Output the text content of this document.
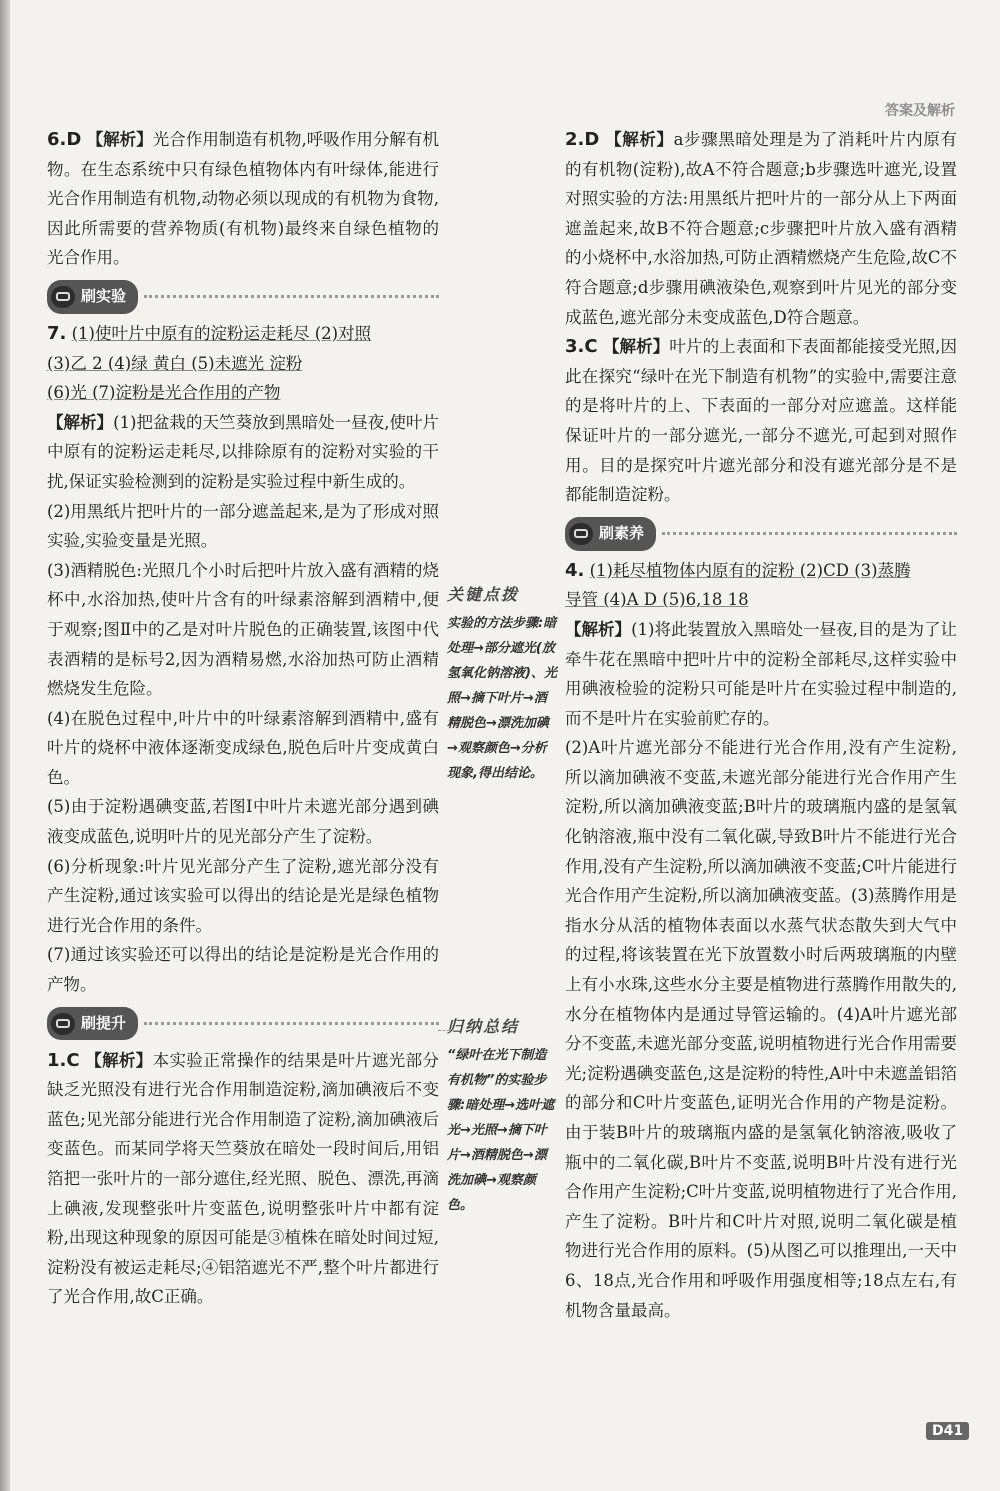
答案及解析

6.D 【解析】光合作用制造有机物,呼吸作用分解有机物。在生态系统中只有绿色植物体内有叶绿体,能进行光合作用制造有机物,动物必须以现成的有机物为食物,因此所需要的营养物质(有机物)最终来自绿色植物的光合作用。

刷实验

7. (1)使叶片中原有的淀粉运走耗尽 (2)对照
(3)乙 2 (4)绿 黄白 (5)未遮光 淀粉
(6)光 (7)淀粉是光合作用的产物

【解析】(1)把盆栽的天竺葵放到黑暗处一昼夜,使叶片中原有的淀粉运走耗尽,以排除原有的淀粉对实验的干扰,保证实验检测到的淀粉是实验过程中新生成的。

(2)用黑纸片把叶片的一部分遮盖起来,是为了形成对照实验,实验变量是光照。

(3)酒精脱色:光照几个小时后把叶片放入盛有酒精的烧杯中,水浴加热,使叶片含有的叶绿素溶解到酒精中,便于观察;图Ⅱ中的乙是对叶片脱色的正确装置,该图中代表酒精的是标号2,因为酒精易燃,水浴加热可防止酒精燃烧发生危险。

(4)在脱色过程中,叶片中的叶绿素溶解到酒精中,盛有叶片的烧杯中液体逐渐变成绿色,脱色后叶片变成黄白色。

(5)由于淀粉遇碘变蓝,若图Ⅰ中叶片未遮光部分遇到碘液变成蓝色,说明叶片的见光部分产生了淀粉。

(6)分析现象:叶片见光部分产生了淀粉,遮光部分没有产生淀粉,通过该实验可以得出的结论是光是绿色植物进行光合作用的条件。

(7)通过该实验还可以得出的结论是淀粉是光合作用的产物。

刷提升

1.C 【解析】本实验正常操作的结果是叶片遮光部分缺乏光照没有进行光合作用制造淀粉,滴加碘液后不变蓝色;见光部分能进行光合作用制造了淀粉,滴加碘液后变蓝色。而某同学将天竺葵放在暗处一段时间后,用铝箔把一张叶片的一部分遮住,经光照、脱色、漂洗,再滴上碘液,发现整张叶片变蓝色,说明整张叶片中都有淀粉,出现这种现象的原因可能是③植株在暗处时间过短,淀粉没有被运走耗尽;④铝箔遮光不严,整个叶片都进行了光合作用,故C正确。

关键点拨
实验的方法步骤:暗处理→部分遮光(放氢氧化钠溶液)、光照→摘下叶片→酒精脱色→漂洗加碘→观察颜色→分析现象,得出结论。
归纳总结
“绿叶在光下制造有机物”的实验步骤:暗处理→选叶遮光→光照→摘下叶片→酒精脱色→漂洗加碘→观察颜色。

2.D 【解析】a步骤黑暗处理是为了消耗叶片内原有的有机物(淀粉),故A不符合题意;b步骤选叶遮光,设置对照实验的方法:用黑纸片把叶片的一部分从上下两面遮盖起来,故B不符合题意;c步骤把叶片放入盛有酒精的小烧杯中,水浴加热,可防止酒精燃烧产生危险,故C不符合题意;d步骤用碘液染色,观察到叶片见光的部分变成蓝色,遮光部分未变成蓝色,D符合题意。

3.C 【解析】叶片的上表面和下表面都能接受光照,因此在探究“绿叶在光下制造有机物”的实验中,需要注意的是将叶片的上、下表面的一部分对应遮盖。这样能保证叶片的一部分遮光,一部分不遮光,可起到对照作用。目的是探究叶片遮光部分和没有遮光部分是不是都能制造淀粉。

刷素养

4. (1)耗尽植物体内原有的淀粉 (2)CD (3)蒸腾
导管 (4)A D (5)6,18 18

【解析】(1)将此装置放入黑暗处一昼夜,目的是为了让牵牛花在黑暗中把叶片中的淀粉全部耗尽,这样实验中用碘液检验的淀粉只可能是叶片在实验过程中制造的,而不是叶片在实验前贮存的。

(2)A叶片遮光部分不能进行光合作用,没有产生淀粉,所以滴加碘液不变蓝,未遮光部分能进行光合作用产生淀粉,所以滴加碘液变蓝;B叶片的玻璃瓶内盛的是氢氧化钠溶液,瓶中没有二氧化碳,导致B叶片不能进行光合作用,没有产生淀粉,所以滴加碘液不变蓝;C叶片能进行光合作用产生淀粉,所以滴加碘液变蓝。(3)蒸腾作用是指水分从活的植物体表面以水蒸气状态散失到大气中的过程,将该装置在光下放置数小时后两玻璃瓶的内壁上有小水珠,这些水分主要是植物进行蒸腾作用散失的,水分在植物体内是通过导管运输的。(4)A叶片遮光部分不变蓝,未遮光部分变蓝,说明植物进行光合作用需要光;淀粉遇碘变蓝色,这是淀粉的特性,A叶中未遮盖铝箔的部分和C叶片变蓝色,证明光合作用的产物是淀粉。由于装B叶片的玻璃瓶内盛的是氢氧化钠溶液,吸收了瓶中的二氧化碳,B叶片不变蓝,说明B叶片没有进行光合作用产生淀粉;C叶片变蓝,说明植物进行了光合作用,产生了淀粉。B叶片和C叶片对照,说明二氧化碳是植物进行光合作用的原料。(5)从图乙可以推理出,一天中6、18点,光合作用和呼吸作用强度相等;18点左右,有机物含量最高。

D41
